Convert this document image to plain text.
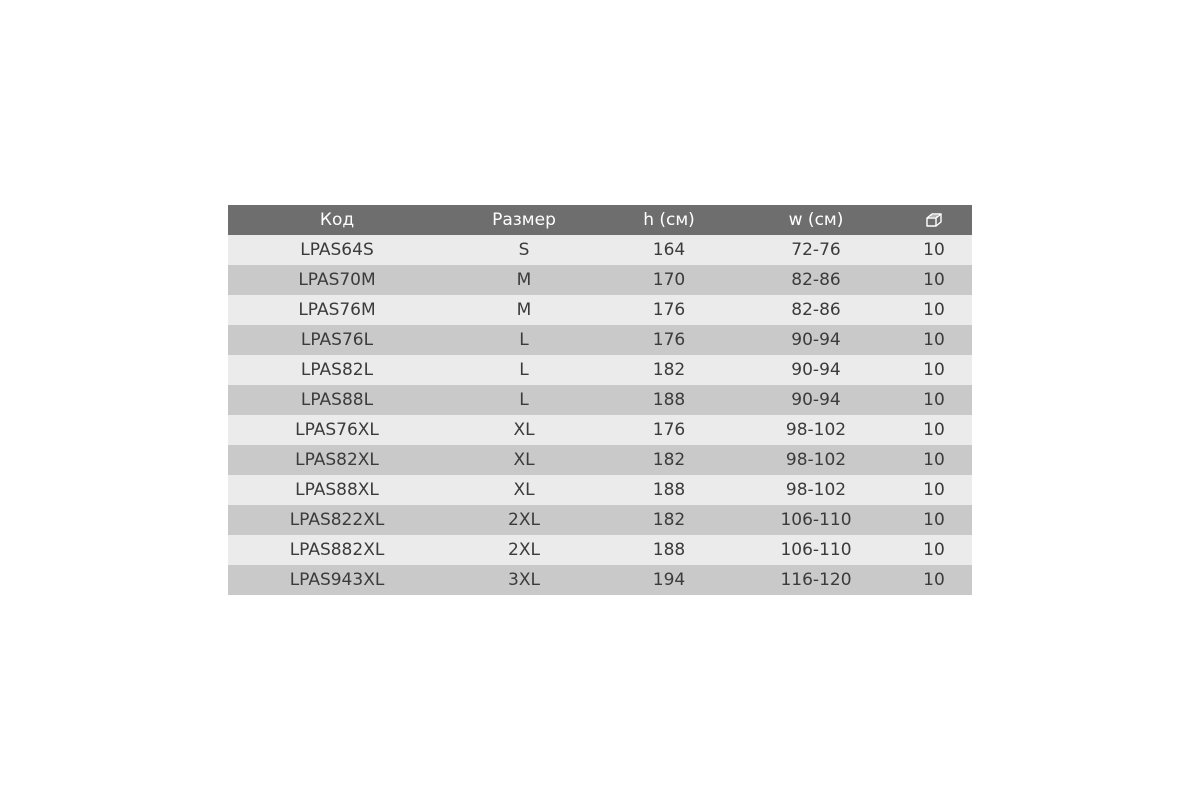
Код	Размер	h (см)	w (см)	

LPAS64S	S	164	72-76	10
LPAS70M	M	170	82-86	10
LPAS76M	M	176	82-86	10
LPAS76L	L	176	90-94	10
LPAS82L	L	182	90-94	10
LPAS88L	L	188	90-94	10
LPAS76XL	XL	176	98-102	10
LPAS82XL	XL	182	98-102	10
LPAS88XL	XL	188	98-102	10
LPAS822XL	2XL	182	106-110	10
LPAS882XL	2XL	188	106-110	10
LPAS943XL	3XL	194	116-120	10
